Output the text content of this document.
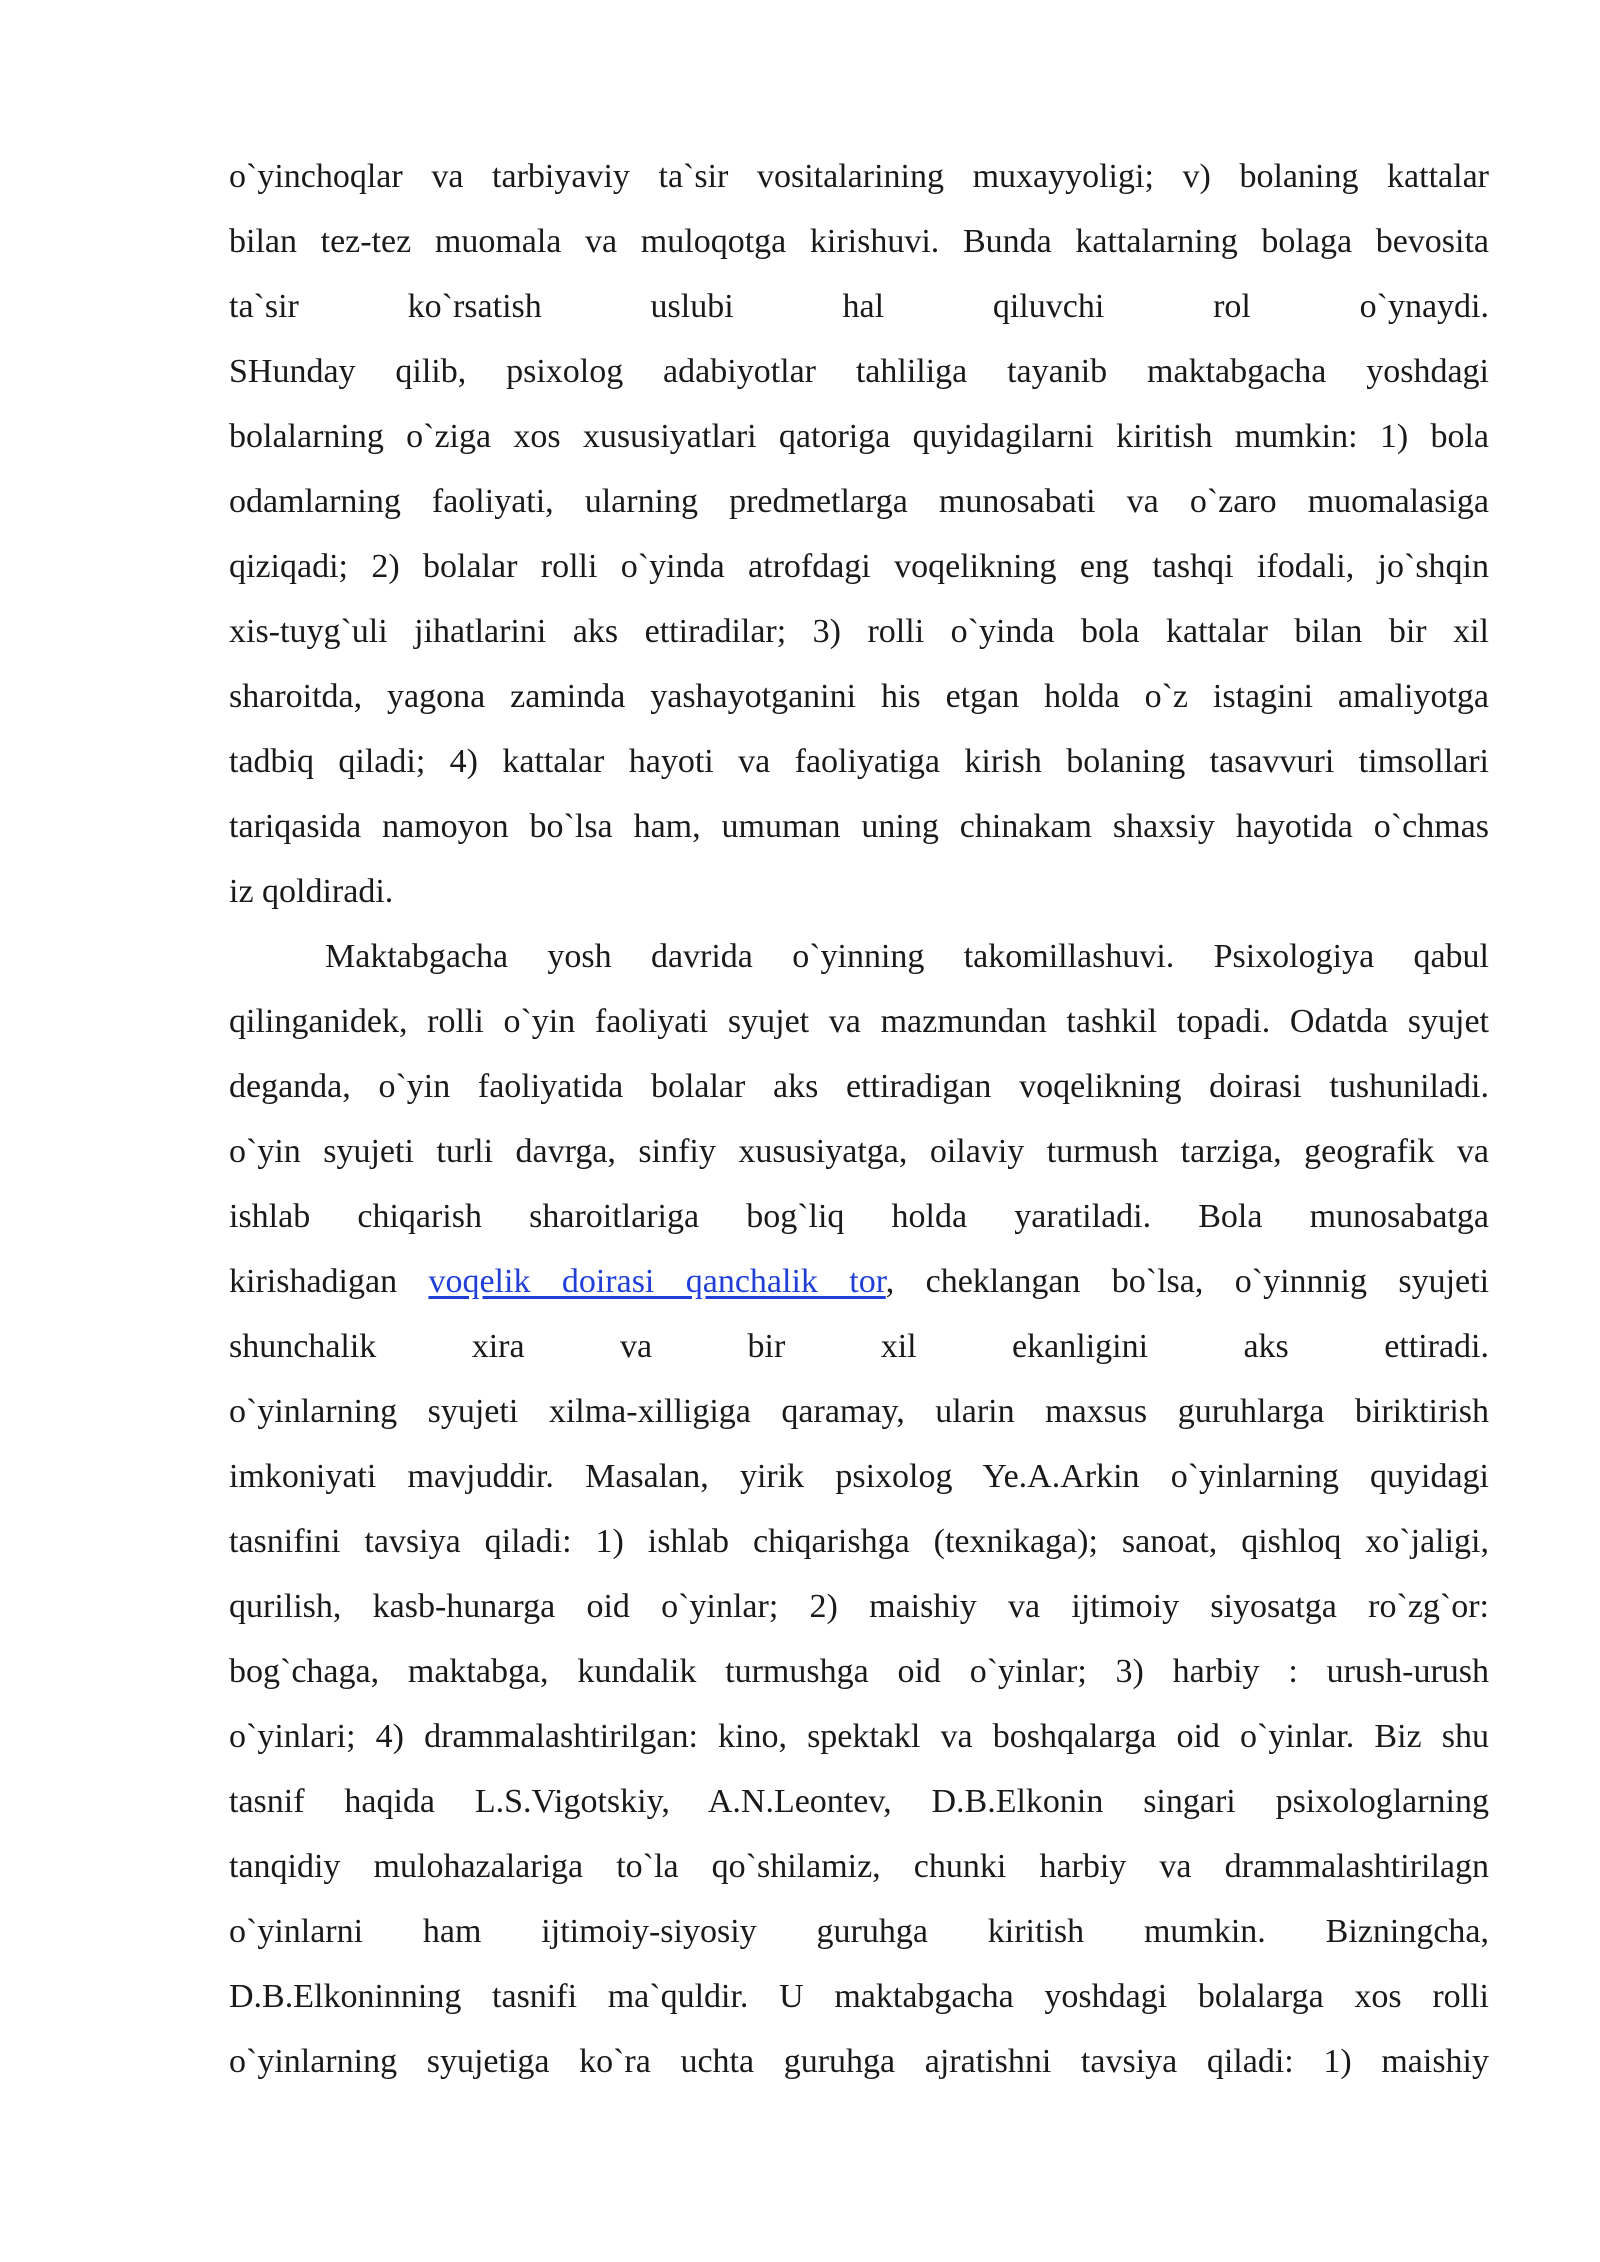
o`yinchoqlar va tarbiyaviy ta`sir vositalarining muxayyoligi; v) bolaning kattalar
bilan tez-tez muomala va muloqotga kirishuvi. Bunda kattalarning bolaga bevosita
ta`sir ko`rsatish uslubi hal qiluvchi rol o`ynaydi.
SHunday qilib, psixolog adabiyotlar tahliliga tayanib maktabgacha yoshdagi
bolalarning o`ziga xos xususiyatlari qatoriga quyidagilarni kiritish mumkin: 1) bola
odamlarning faoliyati, ularning predmetlarga munosabati va o`zaro muomalasiga
qiziqadi; 2) bolalar rolli o`yinda atrofdagi voqelikning eng tashqi ifodali, jo`shqin
xis-tuyg`uli jihatlarini aks ettiradilar; 3) rolli o`yinda bola kattalar bilan bir xil
sharoitda, yagona zaminda yashayotganini his etgan holda o`z istagini amaliyotga
tadbiq qiladi; 4) kattalar hayoti va faoliyatiga kirish bolaning tasavvuri timsollari
tariqasida namoyon bo`lsa ham, umuman uning chinakam shaxsiy hayotida o`chmas
iz qoldiradi.
Maktabgacha yosh davrida o`yinning takomillashuvi. Psixologiya qabul
qilinganidek, rolli o`yin faoliyati syujet va mazmundan tashkil topadi. Odatda syujet
deganda, o`yin faoliyatida bolalar aks ettiradigan voqelikning doirasi tushuniladi.
o`yin syujeti turli davrga, sinfiy xususiyatga, oilaviy turmush tarziga, geografik va
ishlab chiqarish sharoitlariga bog`liq holda yaratiladi. Bola munosabatga
kirishadigan voqelik doirasi qanchalik tor, cheklangan bo`lsa, o`yinnnig syujeti
shunchalik xira va bir xil ekanligini aks ettiradi.
o`yinlarning syujeti xilma-xilligiga qaramay, ularin maxsus guruhlarga biriktirish
imkoniyati mavjuddir. Masalan, yirik psixolog Ye.A.Arkin o`yinlarning quyidagi
tasnifini tavsiya qiladi: 1) ishlab chiqarishga (texnikaga); sanoat, qishloq xo`jaligi,
qurilish, kasb-hunarga oid o`yinlar; 2) maishiy va ijtimoiy siyosatga ro`zg`or:
bog`chaga, maktabga, kundalik turmushga oid o`yinlar; 3) harbiy : urush-urush
o`yinlari; 4) drammalashtirilgan: kino, spektakl va boshqalarga oid o`yinlar. Biz shu
tasnif haqida L.S.Vigotskiy, A.N.Leontev, D.B.Elkonin singari psixologlarning
tanqidiy mulohazalariga to`la qo`shilamiz, chunki harbiy va drammalashtirilagn
o`yinlarni ham ijtimoiy-siyosiy guruhga kiritish mumkin. Bizningcha,
D.B.Elkoninning tasnifi ma`quldir. U maktabgacha yoshdagi bolalarga xos rolli
o`yinlarning syujetiga ko`ra uchta guruhga ajratishni tavsiya qiladi: 1) maishiy
